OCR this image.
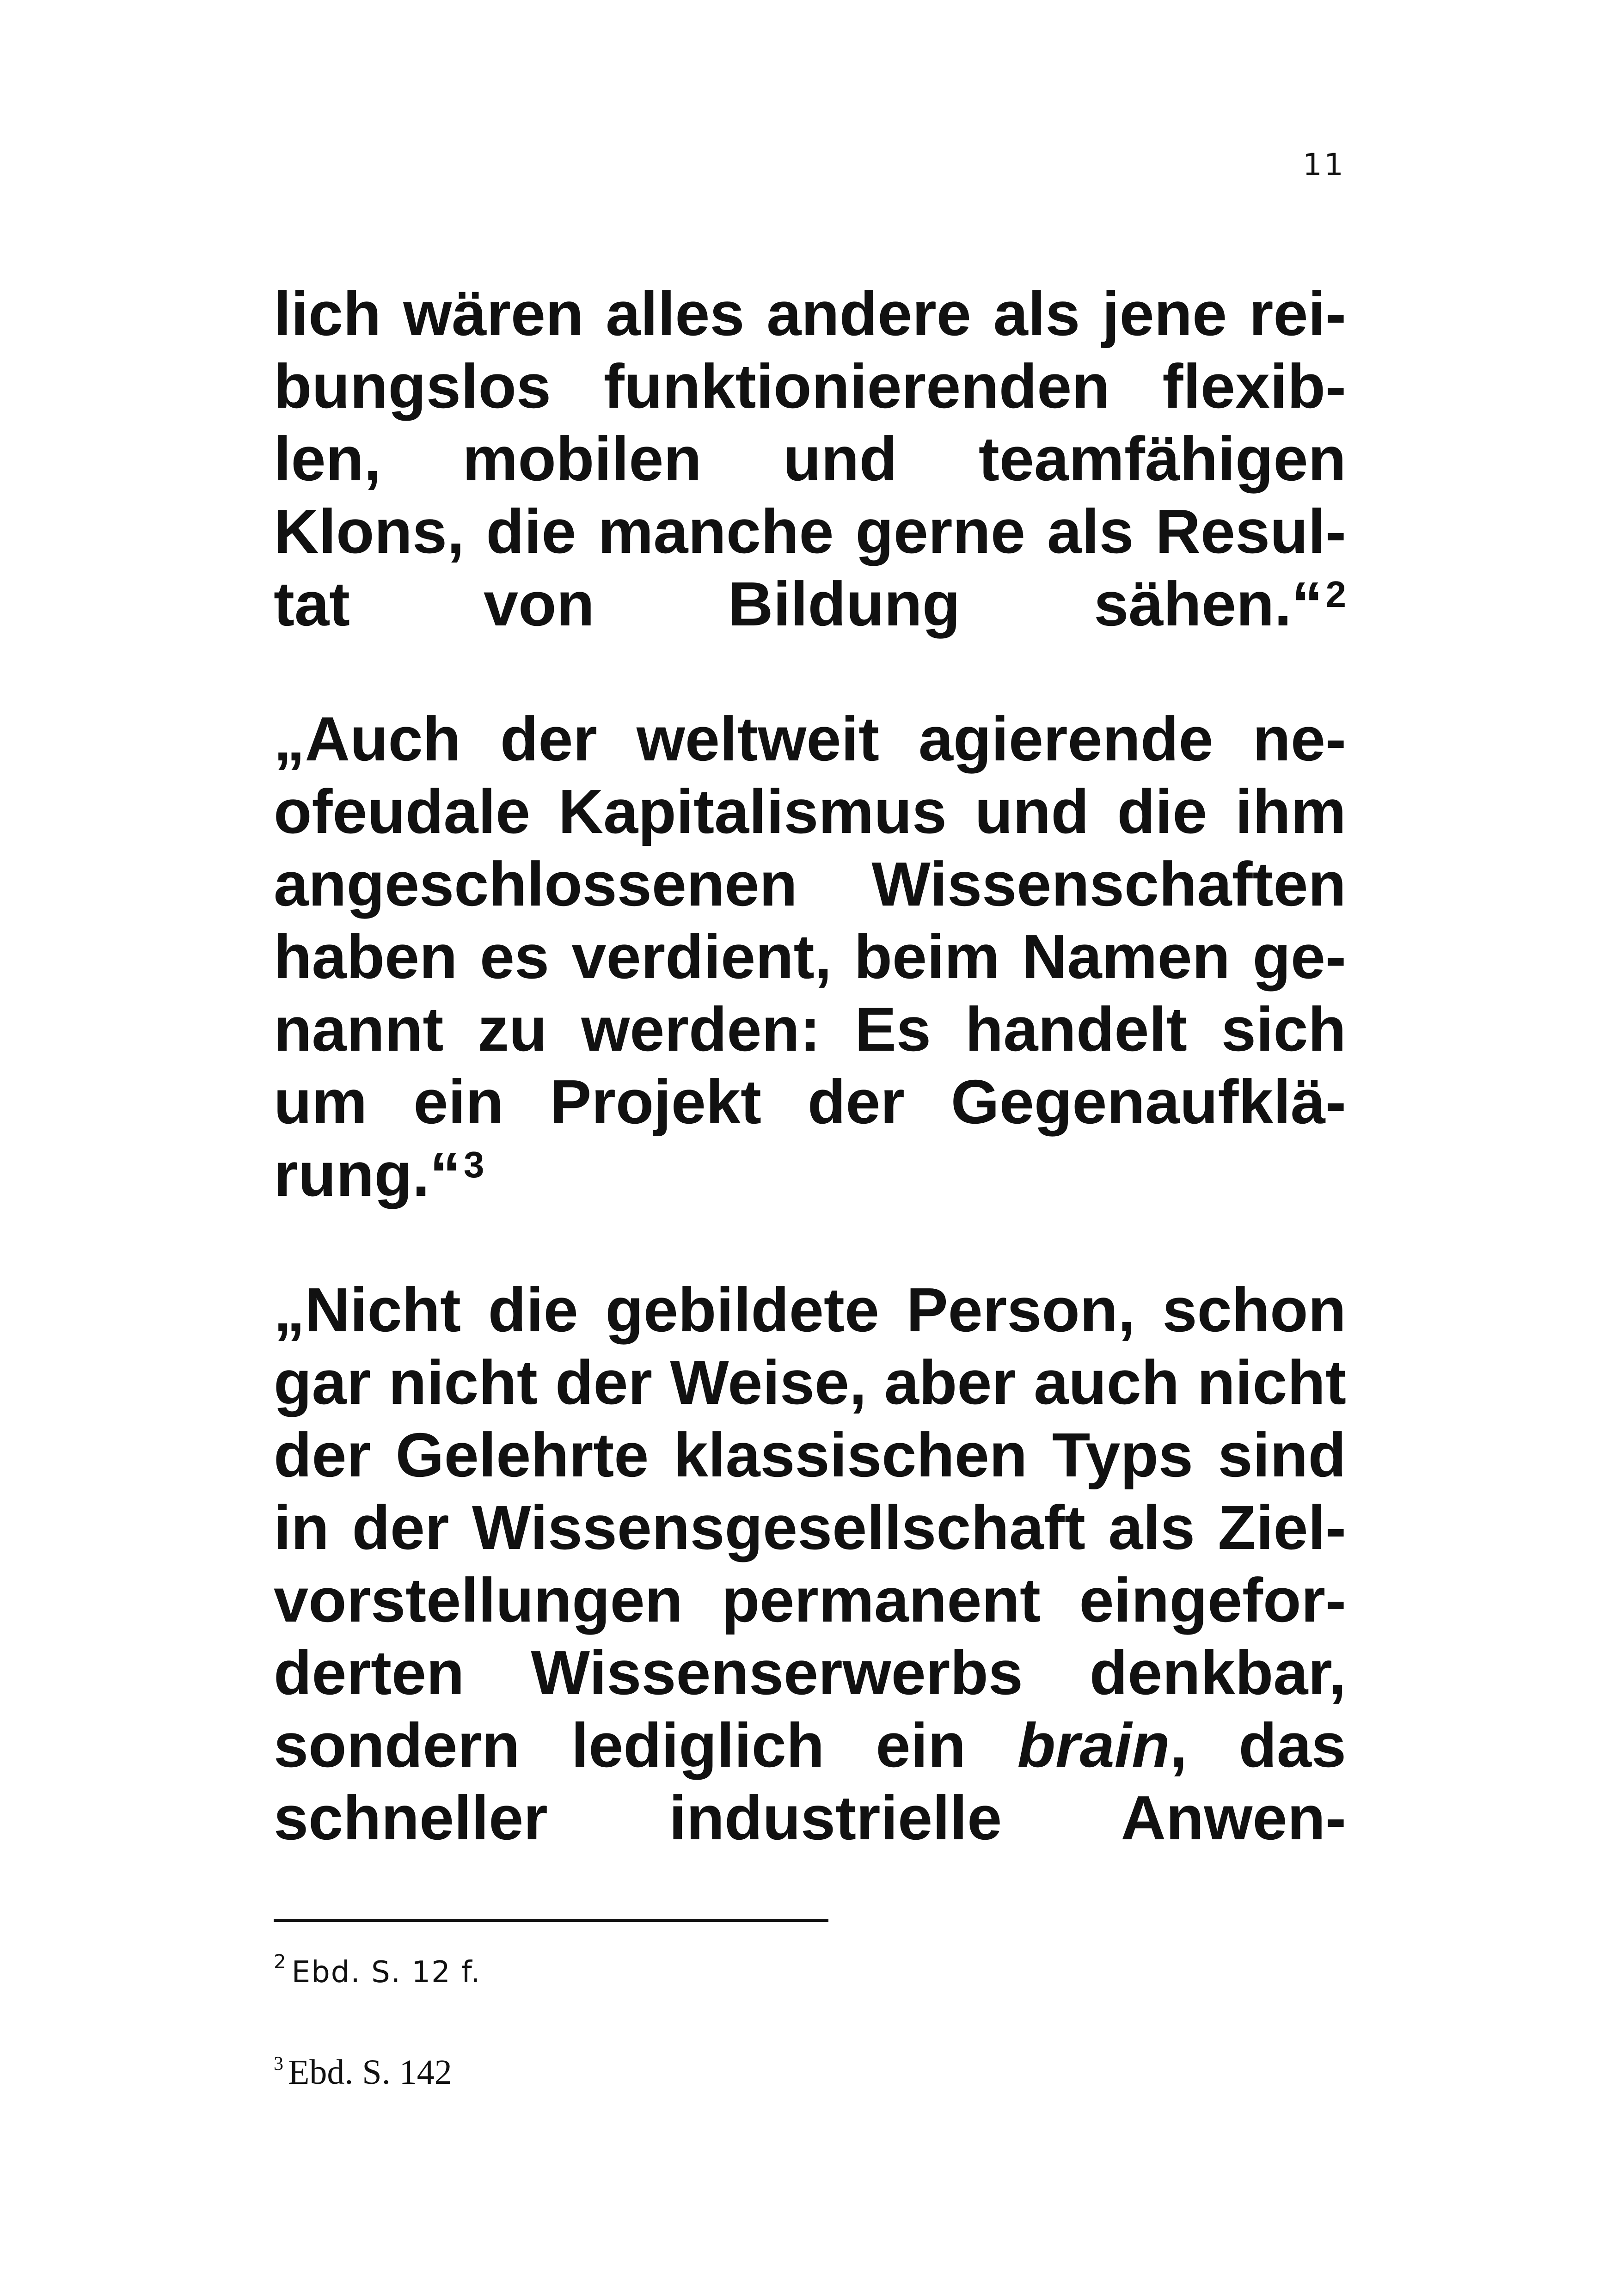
11
lich wären alles andere als jene rei-
bungslos funktionierenden flexib-
len, mobilen und teamfähigen
Klons, die manche gerne als Resul-
tat von Bildung sähen.“$^2$
„Auch der weltweit agierende ne-
ofeudale Kapitalismus und die ihm
angeschlossenen Wissenschaften
haben es verdient, beim Namen ge-
nannt zu werden: Es handelt sich
um ein Projekt der Gegenaufklä-
rung.“$^3$
„Nicht die gebildete Person, schon
gar nicht der Weise, aber auch nicht
der Gelehrte klassischen Typs sind
in der Wissensgesellschaft als Ziel-
vorstellungen permanent eingefor-
derten Wissenserwerbs denkbar,
sondern lediglich ein brain, das
schneller industrielle Anwen-
$^2$ Ebd. S. 12 f.
$^3$ Ebd. S. 142
